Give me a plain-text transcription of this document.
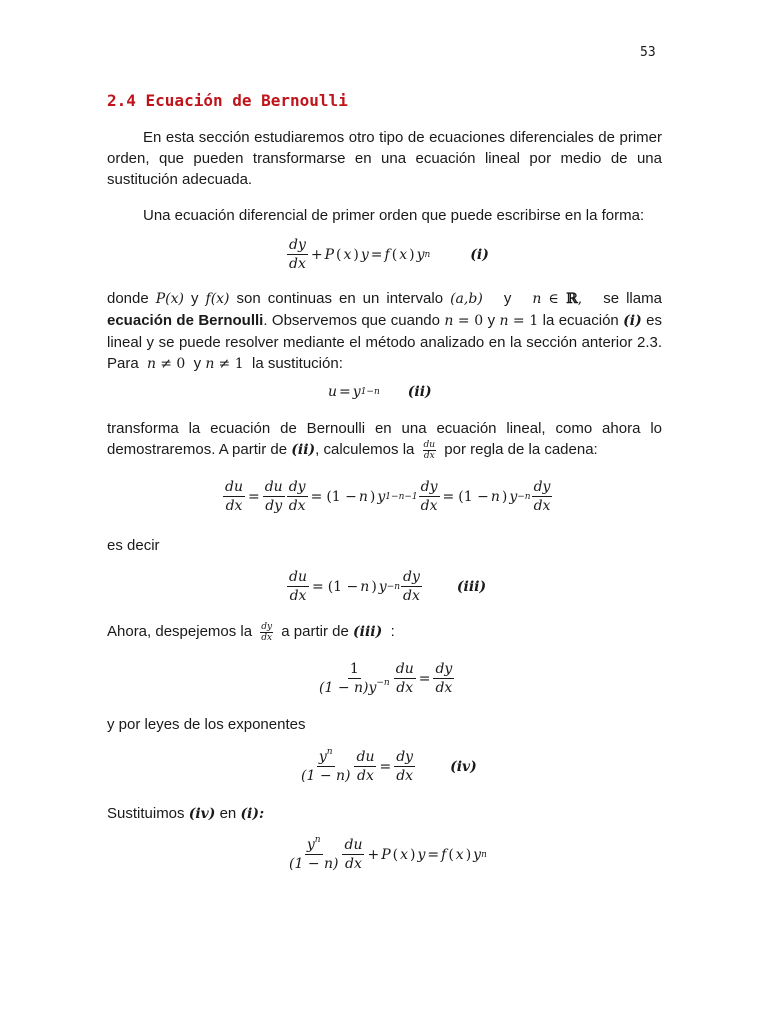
53
2.4 Ecuación de Bernoulli

En esta sección estudiaremos otro tipo de ecuaciones diferenciales de primer orden, que pueden transformarse en una ecuación lineal por medio de una sustitución adecuada.

Una ecuación diferencial de primer orden que puede escribirse en la forma:

$\frac{dy}{dx} + P$ ( x ) y = f ( x ) y n	(i)

donde P(x) y f(x) son continuas en un intervalo (a,b) y n ∈ ℝ, se llama ecuación de Bernoulli. Observemos que cuando n = 0 y n = 1 la ecuación (i) es lineal y se puede resolver mediante el método analizado en la sección anterior 2.3. Para n ≠ 0 y n ≠ 1 la sustitución:

u = y 1−n (ii)

transforma la ecuación de Bernoulli en una ecuación lineal, como ahora lo demostraremos. A partir de (ii), calculemos la $\frac{du}{dx}$ por regla de la cadena:

$\frac{du}{dx} = \frac{du}{dy} \frac{dy}{dx} = (1 - n$ ) y $1-n-1 \frac{dy}{dx} = (1 - n$ ) $y -n \frac{dy}{dx}$
es decir
$\frac{du}{dx} = (1 - n$ ) $y -n \frac{dy}{dx}$	(iii)

Ahora, despejemos la $\frac{dy}{dx}$ a partir de (iii) :

$\frac{1}{(1 - n)y^{-n}} \frac{du}{dx} = \frac{dy}{dx}$
y por leyes de los exponentes
$\frac{y^n}{(1 - n)} \frac{du}{dx} = \frac{dy}{dx}$	(iv)

Sustituimos (iv) en (i):

$\frac{y^n}{(1 - n)} \frac{du}{dx} + P$ ( x ) y = f ( x ) y n
